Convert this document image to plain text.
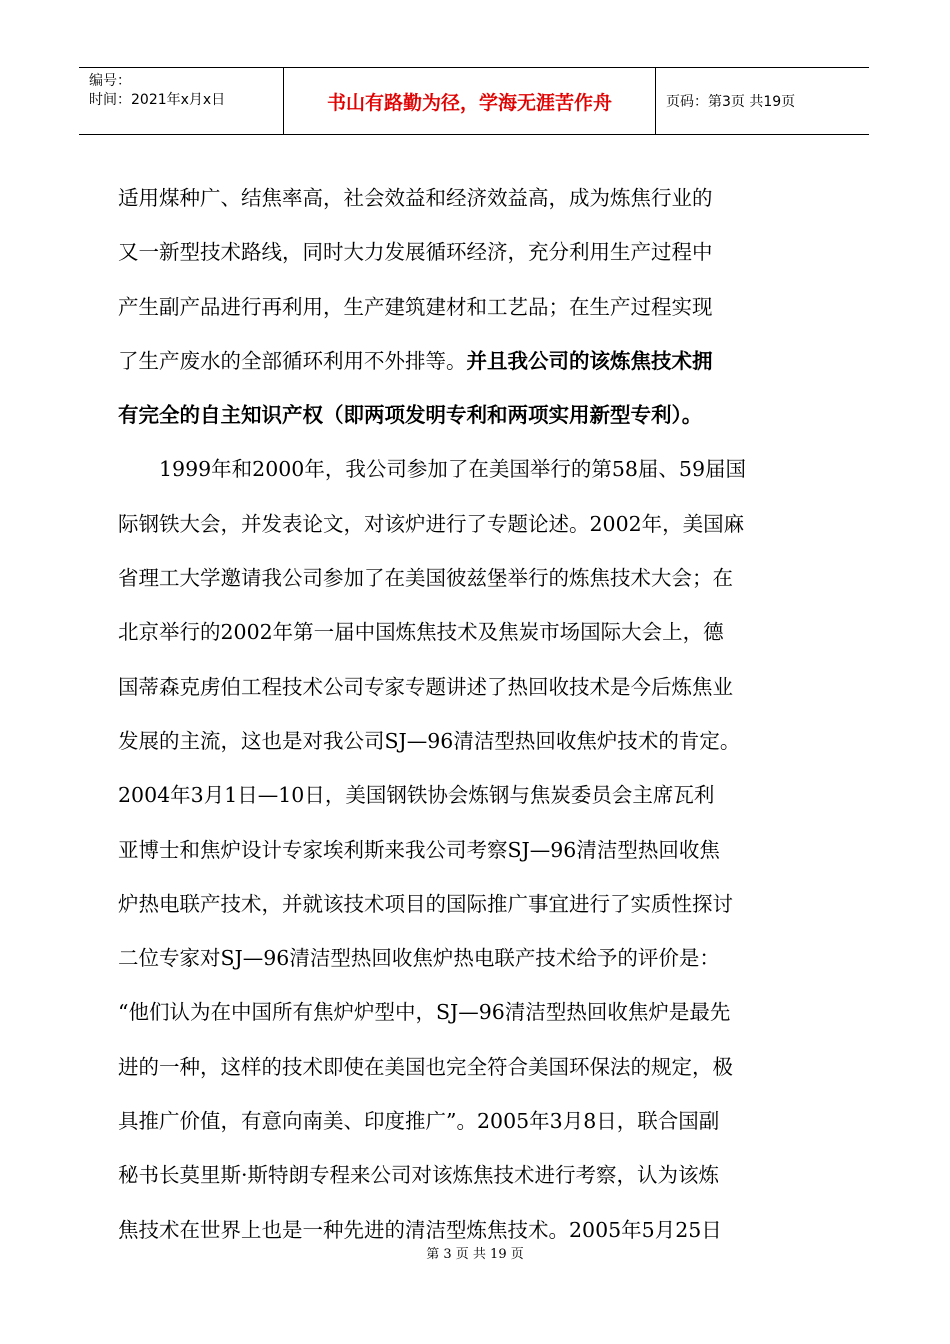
编号：
时间：2021年x月x日	书山有路勤为径，学海无涯苦作舟	页码：第3页 共19页
适用煤种广、结焦率高，社会效益和经济效益高，成为炼焦行业的
又一新型技术路线，同时大力发展循环经济，充分利用生产过程中
产生副产品进行再利用，生产建筑建材和工艺品；在生产过程实现
了生产废水的全部循环利用不外排等。并且我公司的该炼焦技术拥
有完全的自主知识产权（即两项发明专利和两项实用新型专利）。
　　1999年和2000年，我公司参加了在美国举行的第58届、59届国
际钢铁大会，并发表论文，对该炉进行了专题论述。2002年，美国麻
省理工大学邀请我公司参加了在美国彼兹堡举行的炼焦技术大会；在
北京举行的2002年第一届中国炼焦技术及焦炭市场国际大会上，德
国蒂森克虏伯工程技术公司专家专题讲述了热回收技术是今后炼焦业
发展的主流，这也是对我公司SJ—96清洁型热回收焦炉技术的肯定。
2004年3月1日—10日，美国钢铁协会炼钢与焦炭委员会主席瓦利
亚博士和焦炉设计专家埃利斯来我公司考察SJ—96清洁型热回收焦
炉热电联产技术，并就该技术项目的国际推广事宜进行了实质性探讨
二位专家对SJ—96清洁型热回收焦炉热电联产技术给予的评价是：
“他们认为在中国所有焦炉炉型中，SJ—96清洁型热回收焦炉是最先
进的一种，这样的技术即使在美国也完全符合美国环保法的规定，极
具推广价值，有意向南美、印度推广”。2005年3月8日，联合国副
秘书长莫里斯·斯特朗专程来公司对该炼焦技术进行考察，认为该炼
焦技术在世界上也是一种先进的清洁型炼焦技术。2005年5月25日
第 3 页 共 19 页
